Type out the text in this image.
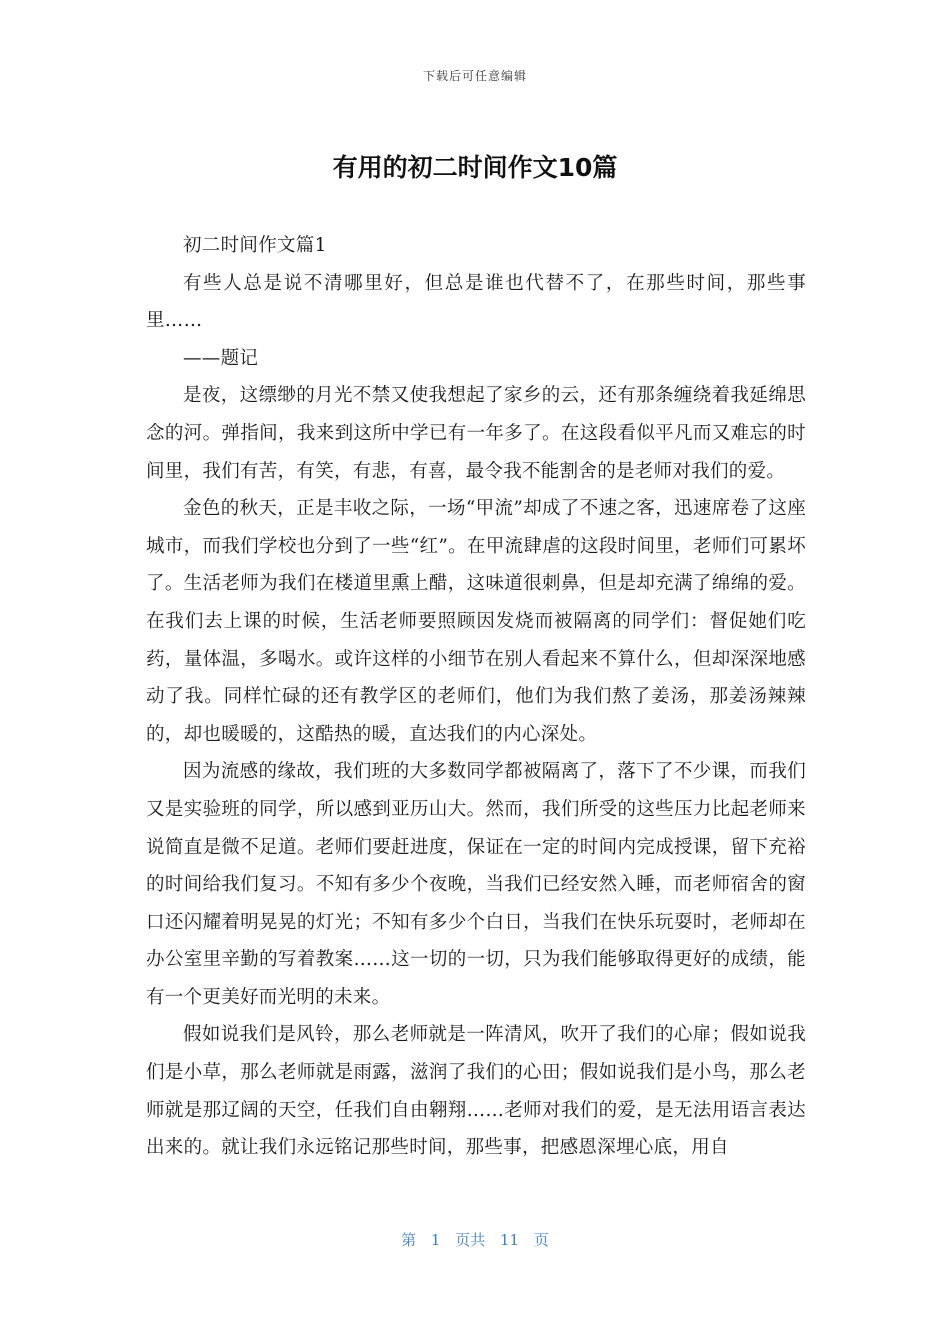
下载后可任意编辑
有用的初二时间作文10篇

初二时间作文篇1

有些人总是说不清哪里好，但总是谁也代替不了，在那些时间，那些事里……

——题记

是夜，这缥缈的月光不禁又使我想起了家乡的云，还有那条缠绕着我延绵思念的河。弹指间，我来到这所中学已有一年多了。在这段看似平凡而又难忘的时间里，我们有苦，有笑，有悲，有喜，最令我不能割舍的是老师对我们的爱。

金色的秋天，正是丰收之际，一场“甲流”却成了不速之客，迅速席卷了这座城市，而我们学校也分到了一些“红”。在甲流肆虐的这段时间里，老师们可累坏了。生活老师为我们在楼道里熏上醋，这味道很刺鼻，但是却充满了绵绵的爱。在我们去上课的时候，生活老师要照顾因发烧而被隔离的同学们：督促她们吃药，量体温，多喝水。或许这样的小细节在别人看起来不算什么，但却深深地感动了我。同样忙碌的还有教学区的老师们，他们为我们熬了姜汤，那姜汤辣辣的，却也暖暖的，这酷热的暖，直达我们的内心深处。

因为流感的缘故，我们班的大多数同学都被隔离了，落下了不少课，而我们又是实验班的同学，所以感到亚历山大。然而，我们所受的这些压力比起老师来说简直是微不足道。老师们要赶进度，保证在一定的时间内完成授课，留下充裕的时间给我们复习。不知有多少个夜晚，当我们已经安然入睡，而老师宿舍的窗口还闪耀着明晃晃的灯光；不知有多少个白日，当我们在快乐玩耍时，老师却在办公室里辛勤的写着教案……这一切的一切，只为我们能够取得更好的成绩，能有一个更美好而光明的未来。

假如说我们是风铃，那么老师就是一阵清风，吹开了我们的心扉；假如说我们是小草，那么老师就是雨露，滋润了我们的心田；假如说我们是小鸟，那么老师就是那辽阔的天空，任我们自由翱翔……老师对我们的爱，是无法用语言表达出来的。就让我们永远铭记那些时间，那些事，把感恩深埋心底，用自

第 1 页共 11 页
